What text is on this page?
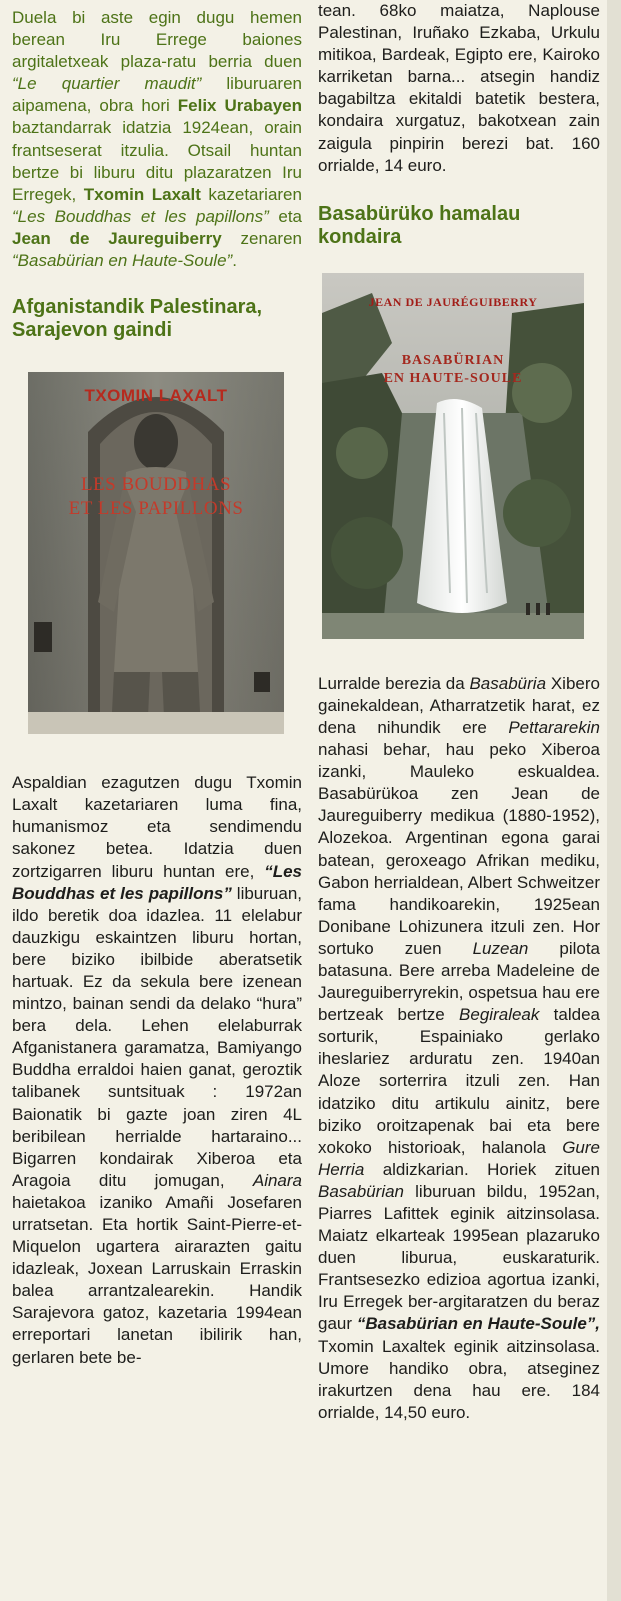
Duela bi aste egin dugu hemen berean Iru Errege baiones argitaletxeak plaza-ratu berria duen “Le quartier maudit” liburuaren aipamena, obra hori Felix Urabayen baztandarrak idatzia 1924ean, orain frantseserat itzulia. Otsail huntan bertze bi liburu ditu plazaratzen Iru Erregek, Txomin Laxalt kazetariaren “Les Bouddhas et les papillons” eta Jean de Jaureguiberry zenaren “Basabürian en Haute-Soule”.

Afganistandik Palestinara, Sarajevon gaindi
TXOMIN LAXALT
LES BOUDDHAS
ET LES PAPILLONS

Aspaldian ezagutzen dugu Txomin Laxalt kazetariaren luma fina, humanismoz eta sendimendu sakonez betea. Idatzia duen zortzigarren liburu huntan ere, “Les Bouddhas et les papillons” liburuan, ildo beretik doa idazlea. 11 elelabur dauzkigu eskaintzen liburu hortan, bere biziko ibilbide aberatsetik hartuak. Ez da sekula bere izenean mintzo, bainan sendi da delako “hura” bera dela. Lehen elelaburrak Afganistanera garamatza, Bamiyango Buddha erraldoi haien ganat, geroztik talibanek suntsituak : 1972an Baionatik bi gazte joan ziren 4L beribilean herrialde hartaraino... Bigarren kondairak Xiberoa eta Aragoia ditu jomugan, Ainara haietakoa izaniko Amañi Josefaren urratsetan. Eta hortik Saint-Pierre-et-Miquelon ugartera airarazten gaitu idazleak, Joxean Larruskain Erraskin balea arrantzalearekin. Handik Sarajevora gatoz, kazetaria 1994ean erreportari lanetan ibilirik han, gerlaren bete be-

tean. 68ko maiatza, Naplouse Palestinan, Iruñako Ezkaba, Urkulu mitikoa, Bardeak, Egipto ere, Kairoko karriketan barna... atsegin handiz bagabiltza ekitaldi batetik bestera, kondaira xurgatuz, bakotxean zain zaigula pinpirin berezi bat. 160 orrialde, 14 euro.

Basabürüko hamalau kondaira
JEAN DE JAURÉGUIBERRY
BASABÜRIAN
EN HAUTE-SOULE

Lurralde berezia da Basabüria Xibero gainekaldean, Atharratzetik harat, ez dena nihundik ere Pettararekin nahasi behar, hau peko Xiberoa izanki, Mauleko eskualdea. Basabürükoa zen Jean de Jaureguiberry medikua (1880-1952), Alozekoa. Argentinan egona garai batean, geroxeago Afrikan mediku, Gabon herrialdean, Albert Schweitzer fama handikoarekin, 1925ean Donibane Lohizunera itzuli zen. Hor sortuko zuen Luzean pilota batasuna. Bere arreba Madeleine de Jaureguiberryrekin, ospetsua hau ere bertzeak bertze Begiraleak taldea sorturik, Espainiako gerlako iheslariez arduratu zen. 1940an Aloze sorterrira itzuli zen. Han idatziko ditu artikulu ainitz, bere biziko oroitzapenak bai eta bere xokoko historioak, halanola Gure Herria aldizkarian. Horiek zituen Basabürian liburuan bildu, 1952an, Piarres Lafittek eginik aitzinsolasa. Maiatz elkarteak 1995ean plazaruko duen liburua, euskaraturik. Frantsesezko edizioa agortua izanki, Iru Erregek ber-argitaratzen du beraz gaur “Basabürian en Haute-Soule”, Txomin Laxaltek eginik aitzinsolasa. Umore handiko obra, atseginez irakurtzen dena hau ere. 184 orrialde, 14,50 euro.
